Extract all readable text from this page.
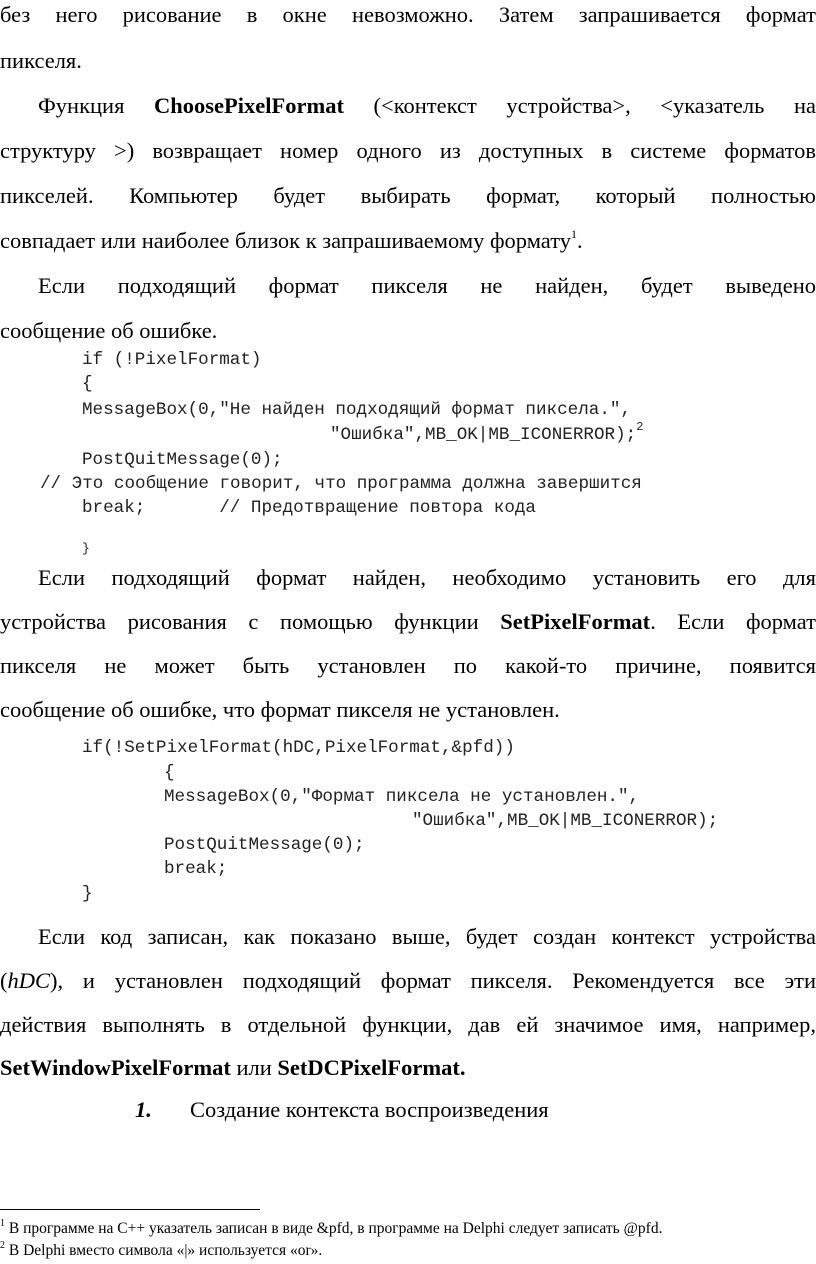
без него рисование в окне невозможно. Затем запрашивается формат
пикселя.
Функция ChoosePixelFormat (<контекст устройства>, <указатель на
структуру >) возвращает номер одного из доступных в системе форматов
пикселей. Компьютер будет выбирать формат, который полностью
совпадает или наиболее близок к запрашиваемому формату$^1$.
Если подходящий формат пикселя не найден, будет выведено
сообщение об ошибке.
if (!PixelFormat)
{
MessageBox(0,"Не найден подходящий формат пиксела.",
"Ошибка",MB_OK|MB_ICONERROR);$^2$
PostQuitMessage(0);
// Это сообщение говорит, что программа должна завершится
break;       // Предотвращение повтора кода
}
Если подходящий формат найден, необходимо установить его для
устройства рисования с помощью функции SetPixelFormat. Если формат
пикселя не может быть установлен по какой-то причине, появится
сообщение об ошибке, что формат пикселя не установлен.
if(!SetPixelFormat(hDC,PixelFormat,&pfd))
{
MessageBox(0,"Формат пиксела не установлен.",
"Ошибка",MB_OK|MB_ICONERROR);
PostQuitMessage(0);
break;
}
Если код записан, как показано выше, будет создан контекст устройства
(hDC), и установлен подходящий формат пикселя. Рекомендуется все эти
действия выполнять в отдельной функции, дав ей значимое имя, например,
SetWindowPixelFormat или SetDCPixelFormat.
1. Создание контекста воспроизведения
$^1$ В программе на C++ указатель записан в виде &pfd, в программе на Delphi следует записать @pfd.
$^2$ В Delphi вместо символа «|» используется «or».
